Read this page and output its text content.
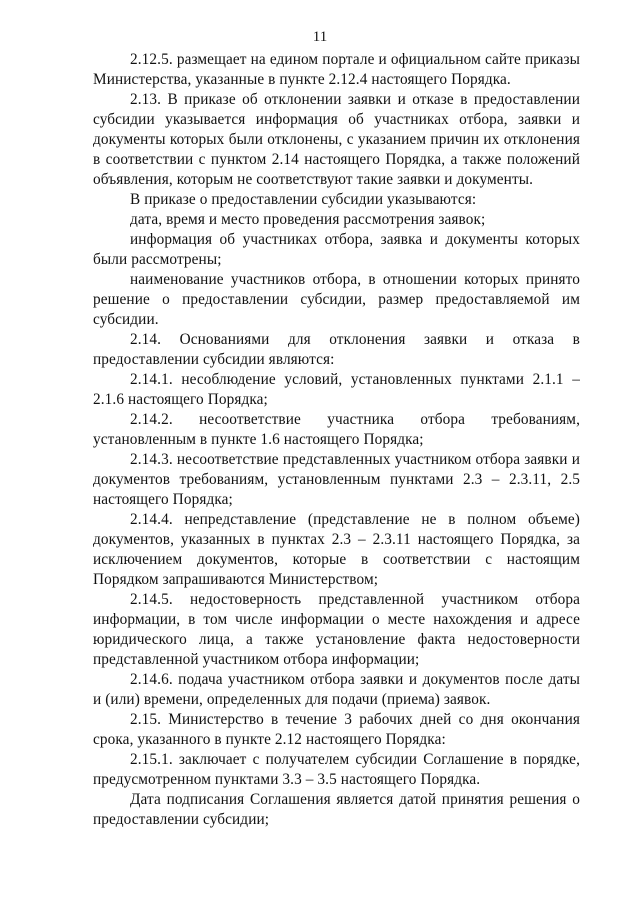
11

2.12.5. размещает на едином портале и официальном сайте приказы Министерства, указанные в пункте 2.12.4 настоящего Порядка.

2.13. В приказе об отклонении заявки и отказе в предоставлении субсидии указывается информация об участниках отбора, заявки и документы которых были отклонены, с указанием причин их отклонения в соответствии с пунктом 2.14 настоящего Порядка, а также положений объявления, которым не соответствуют такие заявки и документы.

В приказе о предоставлении субсидии указываются:

дата, время и место проведения рассмотрения заявок;

информация об участниках отбора, заявка и документы которых были рассмотрены;

наименование участников отбора, в отношении которых принято решение о предоставлении субсидии, размер предоставляемой им субсидии.

2.14. Основаниями для отклонения заявки и отказа в предоставлении субсидии являются:

2.14.1. несоблюдение условий, установленных пунктами 2.1.1 – 2.1.6 настоящего Порядка;

2.14.2. несоответствие участника отбора требованиям, установленным в пункте 1.6 настоящего Порядка;

2.14.3. несоответствие представленных участником отбора заявки и документов требованиям, установленным пунктами 2.3 – 2.3.11, 2.5 настоящего Порядка;

2.14.4. непредставление (представление не в полном объеме) документов, указанных в пунктах 2.3 – 2.3.11 настоящего Порядка, за исключением документов, которые в соответствии с настоящим Порядком запрашиваются Министерством;

2.14.5. недостоверность представленной участником отбора информации, в том числе информации о месте нахождения и адресе юридического лица, а также установление факта недостоверности представленной участником отбора информации;

2.14.6. подача участником отбора заявки и документов после даты и (или) времени, определенных для подачи (приема) заявок.

2.15. Министерство в течение 3 рабочих дней со дня окончания срока, указанного в пункте 2.12 настоящего Порядка:

2.15.1. заключает с получателем субсидии Соглашение в порядке, предусмотренном пунктами 3.3 – 3.5 настоящего Порядка.

Дата подписания Соглашения является датой принятия решения о предоставлении субсидии;
